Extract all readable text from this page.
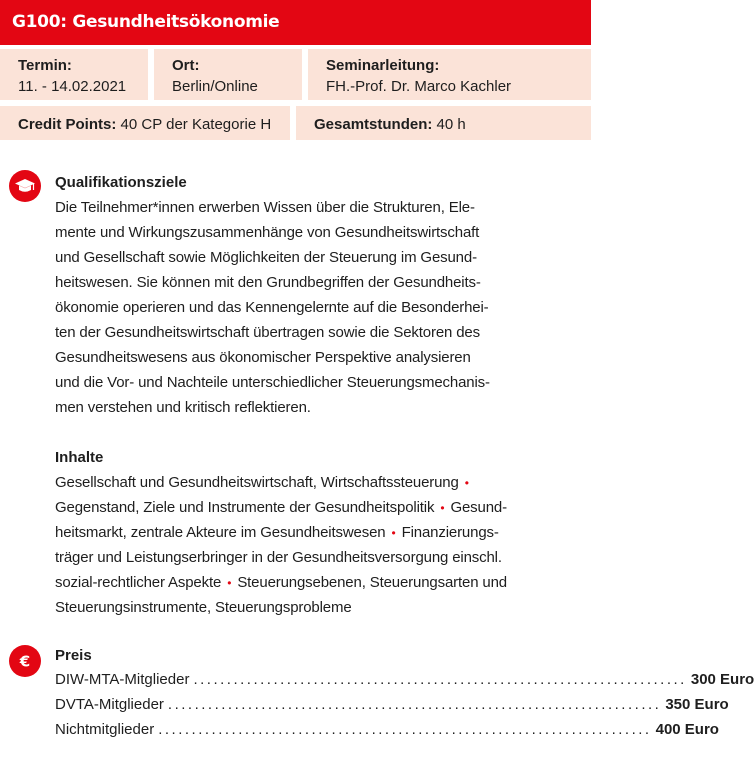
G100: Gesundheitsökonomie
Termin:
11. - 14.02.2021
Ort:
Berlin/Online
Seminarleitung:
FH.-Prof. Dr. Marco Kachler
Credit Points: 40 CP der Kategorie H	Gesamtstunden: 40 h
Qualifikationsziele
Die Teilnehmer*innen erwerben Wissen über die Strukturen, Ele-
mente und Wirkungszusammenhänge von Gesundheitswirtschaft
und Gesellschaft sowie Möglichkeiten der Steuerung im Gesund-
heitswesen. Sie können mit den Grundbegriffen der Gesundheits-
ökonomie operieren und das Kennengelernte auf die Besonderhei-
ten der Gesundheitswirtschaft übertragen sowie die Sektoren des
Gesundheitswesens aus ökonomischer Perspektive analysieren
und die Vor- und Nachteile unterschiedlicher Steuerungsmechanis-
men verstehen und kritisch reflektieren.
Inhalte
Gesellschaft und Gesundheitswirtschaft, Wirtschaftssteuerung •
Gegenstand, Ziele und Instrumente der Gesundheitspolitik • Gesund-
heitsmarkt, zentrale Akteure im Gesundheitswesen • Finanzierungs-
träger und Leistungserbringer in der Gesundheitsversorgung einschl.
sozial-rechtlicher Aspekte • Steuerungsebenen, Steuerungsarten und
Steuerungsinstrumente, Steuerungsprobleme
€ Preis
DIW-MTA-Mitglieder .......................................................................... 300 Euro
DVTA-Mitglieder .......................................................................... 350 Euro
Nichtmitglieder .......................................................................... 400 Euro
